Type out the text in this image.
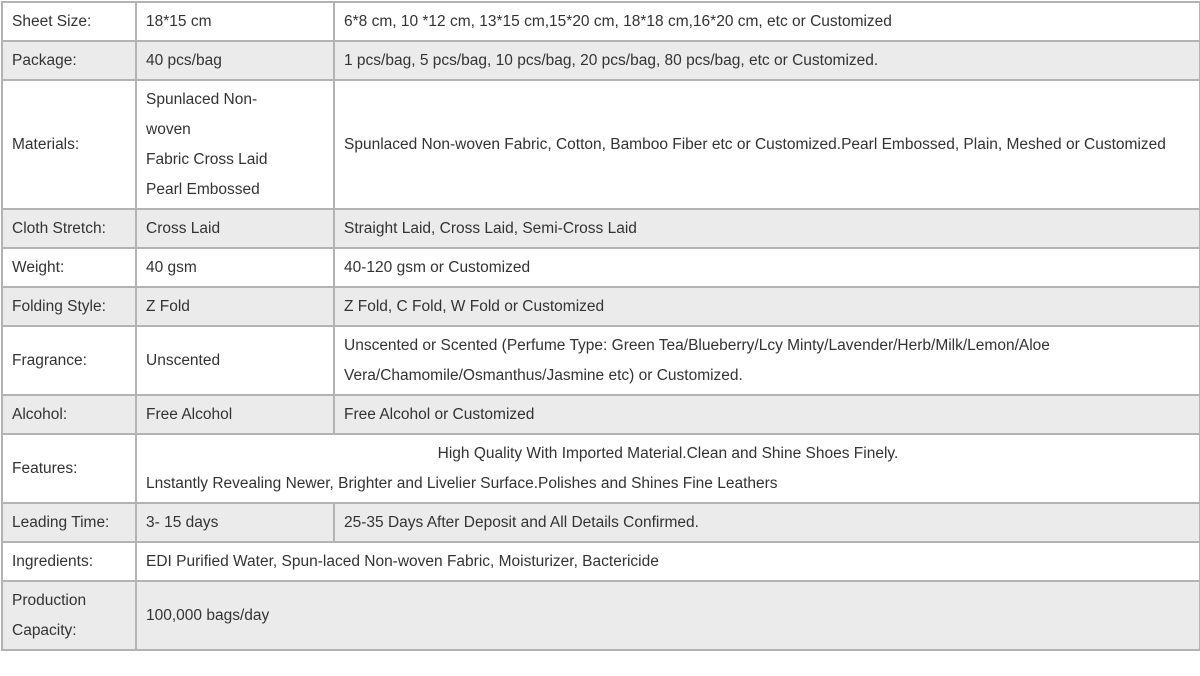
Sheet Size:	18*15 cm	6*8 cm, 10 *12 cm, 13*15 cm,15*20 cm, 18*18 cm,16*20 cm, etc or Customized
Package:	40 pcs/bag	1 pcs/bag, 5 pcs/bag, 10 pcs/bag, 20 pcs/bag, 80 pcs/bag, etc or Customized.
Materials:	Spunlaced Non-
woven
Fabric Cross Laid
Pearl Embossed	Spunlaced Non-woven Fabric, Cotton, Bamboo Fiber etc or Customized.Pearl Embossed, Plain, Meshed or Customized
Cloth Stretch:	Cross Laid	Straight Laid, Cross Laid, Semi-Cross Laid
Weight:	40 gsm	40-120 gsm or Customized
Folding Style:	Z Fold	Z Fold, C Fold, W Fold or Customized
Fragrance:	Unscented	Unscented or Scented (Perfume Type: Green Tea/Blueberry/Lcy Minty/Lavender/Herb/Milk/Lemon/Aloe Vera/Chamomile/Osmanthus/Jasmine etc) or Customized.
Alcohol:	Free Alcohol	Free Alcohol or Customized
Features:	High Quality With Imported Material.Clean and Shine Shoes Finely.
Lnstantly Revealing Newer, Brighter and Livelier Surface.Polishes and Shines Fine Leathers	

Leading Time:	3- 15 days	25-35 Days After Deposit and All Details Confirmed.
Ingredients:	EDI Purified Water, Spun-laced Non-woven Fabric, Moisturizer, Bactericide	
Production Capacity:	100,000 bags/day	
